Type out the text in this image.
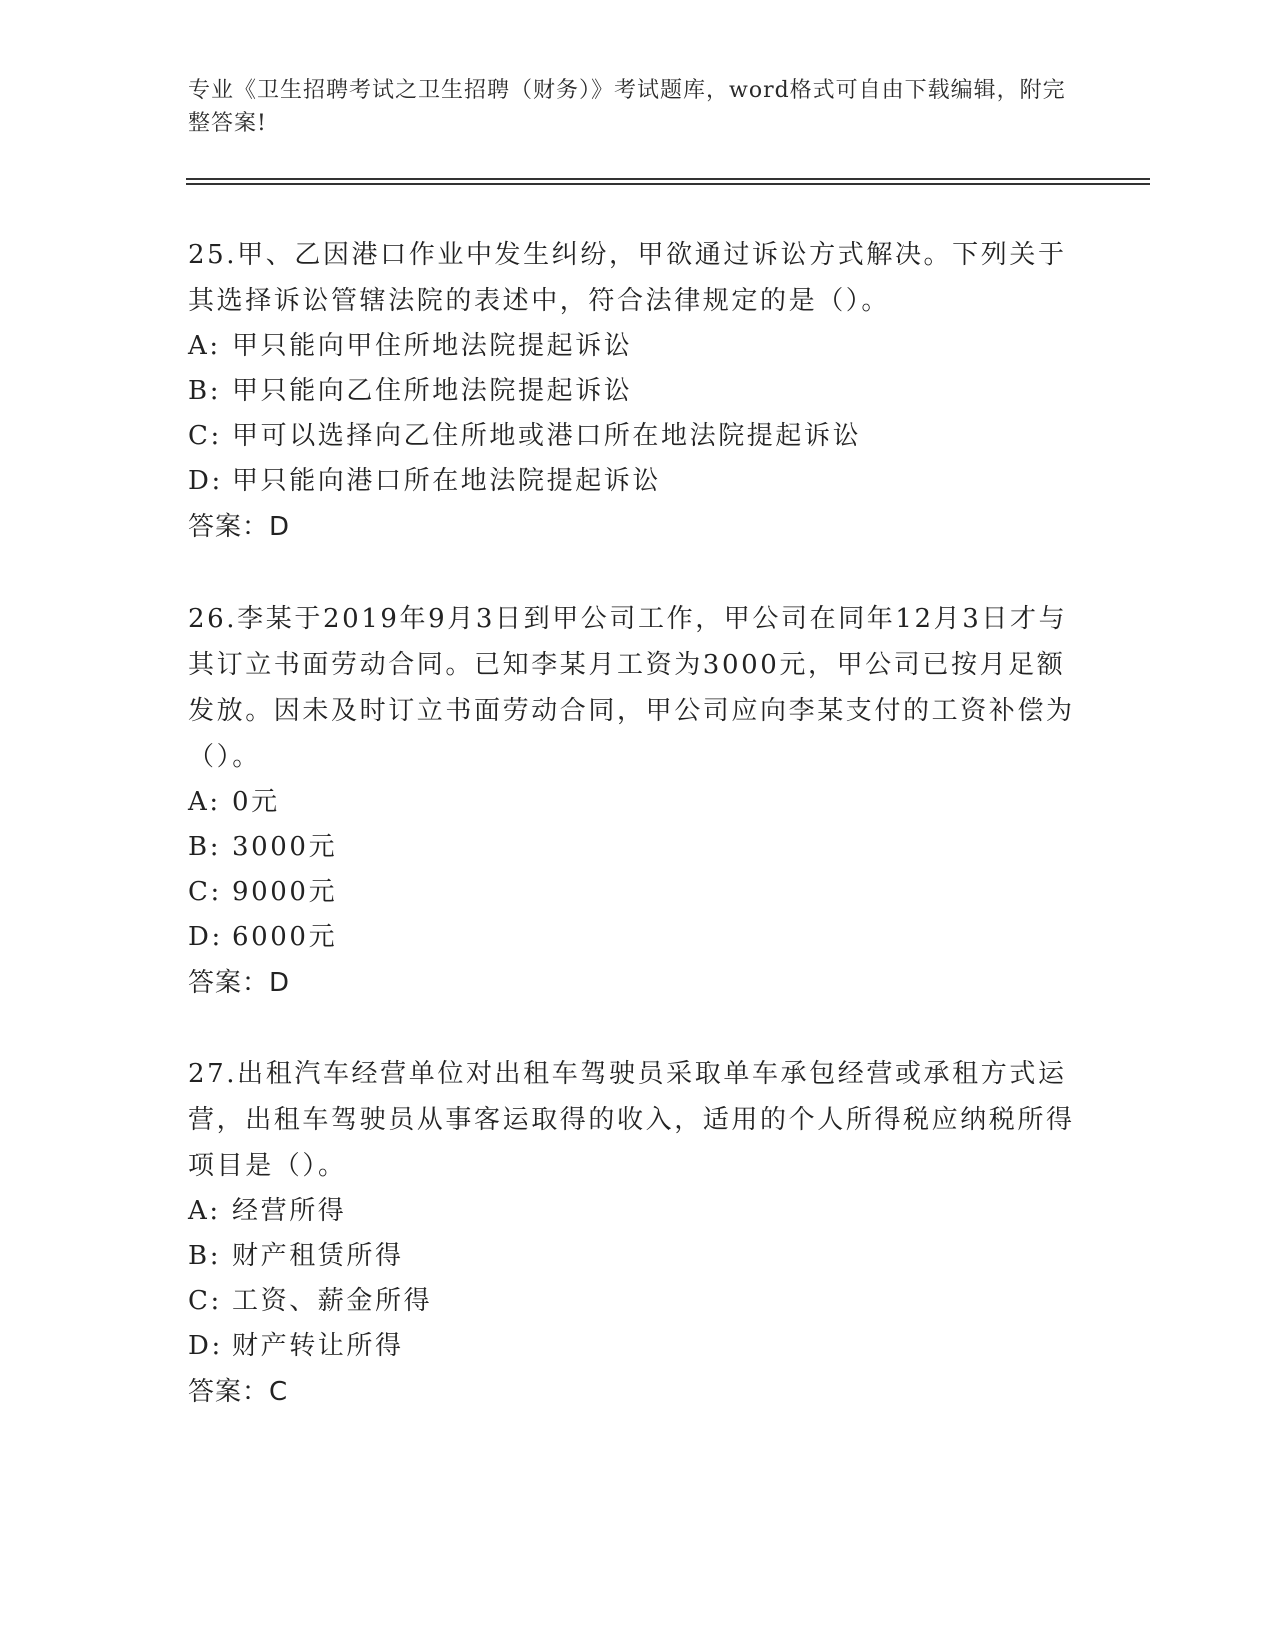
专业《卫生招聘考试之卫生招聘（财务）》考试题库，word格式可自由下载编辑，附完整答案!

25.甲、乙因港口作业中发生纠纷，甲欲通过诉讼方式解决。下列关于其选择诉讼管辖法院的表述中，符合法律规定的是（）。

A: 甲只能向甲住所地法院提起诉讼

B: 甲只能向乙住所地法院提起诉讼

C: 甲可以选择向乙住所地或港口所在地法院提起诉讼

D: 甲只能向港口所在地法院提起诉讼

答案：D

26.李某于2019年9月3日到甲公司工作，甲公司在同年12月3日才与其订立书面劳动合同。已知李某月工资为3000元，甲公司已按月足额发放。因未及时订立书面劳动合同，甲公司应向李某支付的工资补偿为（）。

A: 0元

B: 3000元

C: 9000元

D: 6000元

答案：D

27.出租汽车经营单位对出租车驾驶员采取单车承包经营或承租方式运营，出租车驾驶员从事客运取得的收入，适用的个人所得税应纳税所得项目是（）。

A: 经营所得

B: 财产租赁所得

C: 工资、薪金所得

D: 财产转让所得

答案：C
